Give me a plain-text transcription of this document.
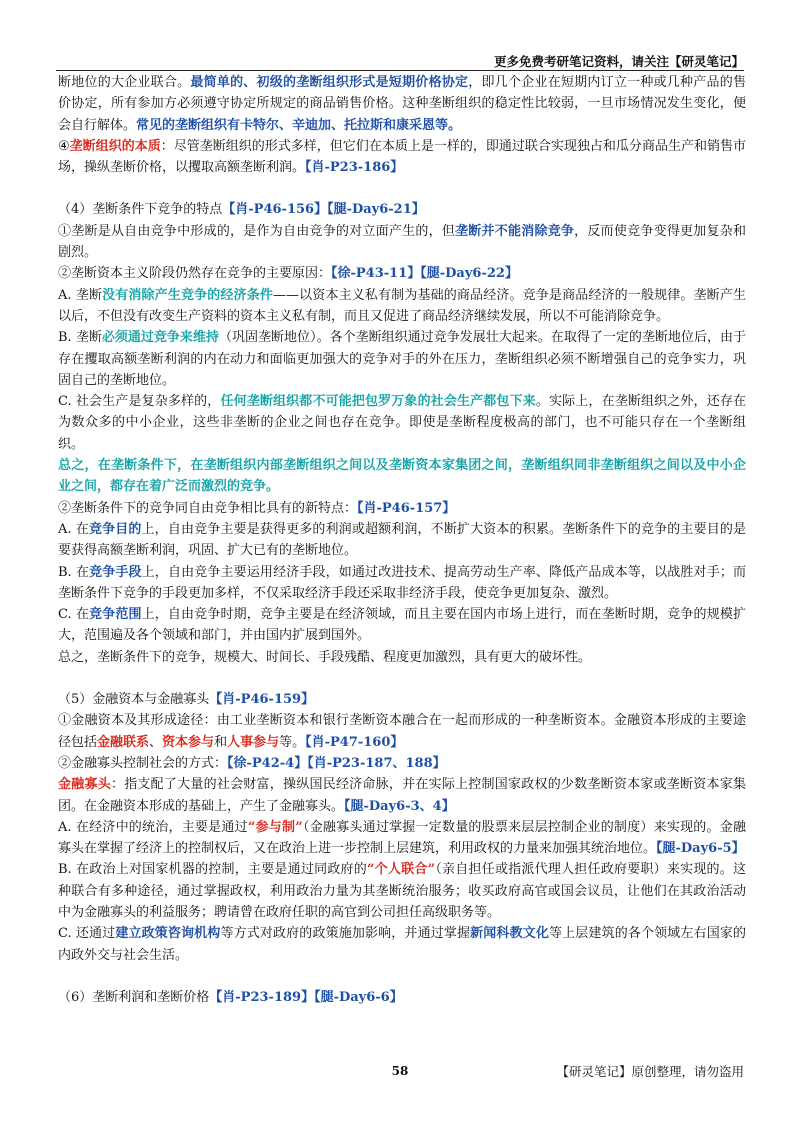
更多免费考研笔记资料，请关注【研灵笔记】

断地位的大企业联合。最简单的、初级的垄断组织形式是短期价格协定，即几个企业在短期内订立一种或几种产品的售价协定，所有参加方必须遵守协定所规定的商品销售价格。这种垄断组织的稳定性比较弱，一旦市场情况发生变化，便会自行解体。常见的垄断组织有卡特尔、辛迪加、托拉斯和康采恩等。

④垄断组织的本质：尽管垄断组织的形式多样，但它们在本质上是一样的，即通过联合实现独占和瓜分商品生产和销售市场，操纵垄断价格，以攫取高额垄断利润。【肖-P23-186】

（4）垄断条件下竞争的特点【肖-P46-156】【腿-Day6-21】

①垄断是从自由竞争中形成的，是作为自由竞争的对立面产生的，但垄断并不能消除竞争，反而使竞争变得更加复杂和剧烈。

②垄断资本主义阶段仍然存在竞争的主要原因：【徐-P43-11】【腿-Day6-22】

A. 垄断没有消除产生竞争的经济条件——以资本主义私有制为基础的商品经济。竞争是商品经济的一般规律。垄断产生以后，不但没有改变生产资料的资本主义私有制，而且又促进了商品经济继续发展，所以不可能消除竞争。

B. 垄断必须通过竞争来维持（巩固垄断地位）。各个垄断组织通过竞争发展壮大起来。在取得了一定的垄断地位后，由于存在攫取高额垄断利润的内在动力和面临更加强大的竞争对手的外在压力，垄断组织必须不断增强自己的竞争实力，巩固自己的垄断地位。

C. 社会生产是复杂多样的，任何垄断组织都不可能把包罗万象的社会生产都包下来。实际上，在垄断组织之外，还存在为数众多的中小企业，这些非垄断的企业之间也存在竞争。即使是垄断程度极高的部门，也不可能只存在一个垄断组织。

总之，在垄断条件下，在垄断组织内部垄断组织之间以及垄断资本家集团之间，垄断组织同非垄断组织之间以及中小企业之间，都存在着广泛而激烈的竞争。

②垄断条件下的竞争同自由竞争相比具有的新特点：【肖-P46-157】

A. 在竞争目的上，自由竞争主要是获得更多的利润或超额利润，不断扩大资本的积累。垄断条件下的竞争的主要目的是要获得高额垄断利润，巩固、扩大已有的垄断地位。

B. 在竞争手段上，自由竞争主要运用经济手段，如通过改进技术、提高劳动生产率、降低产品成本等，以战胜对手；而垄断条件下竞争的手段更加多样，不仅采取经济手段还采取非经济手段，使竞争更加复杂、激烈。

C. 在竞争范围上，自由竞争时期，竞争主要是在经济领域，而且主要在国内市场上进行，而在垄断时期，竞争的规模扩大，范围遍及各个领域和部门，并由国内扩展到国外。

总之，垄断条件下的竞争，规模大、时间长、手段残酷、程度更加激烈，具有更大的破坏性。

（5）金融资本与金融寡头【肖-P46-159】

①金融资本及其形成途径：由工业垄断资本和银行垄断资本融合在一起而形成的一种垄断资本。金融资本形成的主要途径包括金融联系、资本参与和人事参与等。【肖-P47-160】

②金融寡头控制社会的方式：【徐-P42-4】【肖-P23-187、188】

金融寡头：指支配了大量的社会财富，操纵国民经济命脉，并在实际上控制国家政权的少数垄断资本家或垄断资本家集团。在金融资本形成的基础上，产生了金融寡头。【腿-Day6-3、4】

A. 在经济中的统治，主要是通过“参与制”（金融寡头通过掌握一定数量的股票来层层控制企业的制度）来实现的。金融寡头在掌握了经济上的控制权后，又在政治上进一步控制上层建筑，利用政权的力量来加强其统治地位。【腿-Day6-5】

B. 在政治上对国家机器的控制，主要是通过同政府的“个人联合”（亲自担任或指派代理人担任政府要职）来实现的。这种联合有多种途径，通过掌握政权，利用政治力量为其垄断统治服务；收买政府高官或国会议员，让他们在其政治活动中为金融寡头的利益服务；聘请曾在政府任职的高官到公司担任高级职务等。

C. 还通过建立政策咨询机构等方式对政府的政策施加影响，并通过掌握新闻科教文化等上层建筑的各个领域左右国家的内政外交与社会生活。

（6）垄断利润和垄断价格【肖-P23-189】【腿-Day6-6】

58	【研灵笔记】原创整理，请勿盗用
